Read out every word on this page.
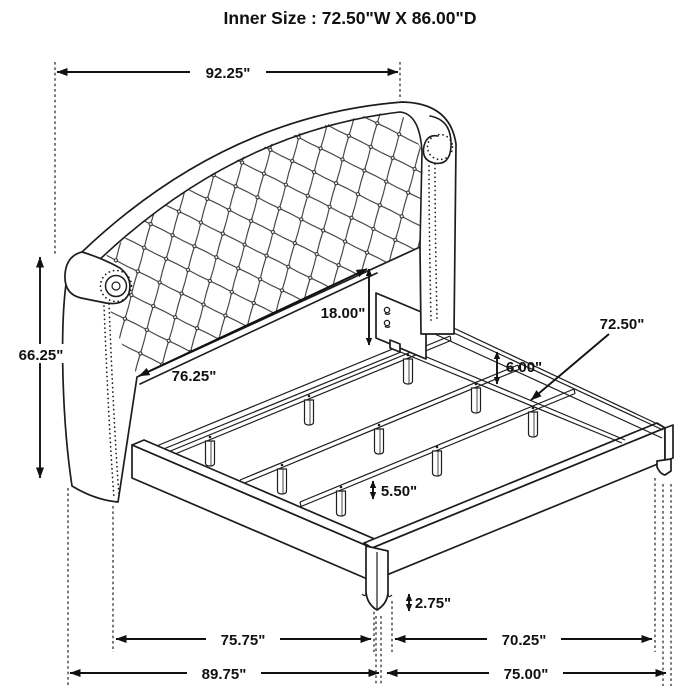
Inner Size : 72.50"W X 86.00"D
92.25"
66.25"
76.25"
18.00"
72.50"
6.00"
5.50"
2.75"
75.75"	70.25"
89.75"	75.00"
